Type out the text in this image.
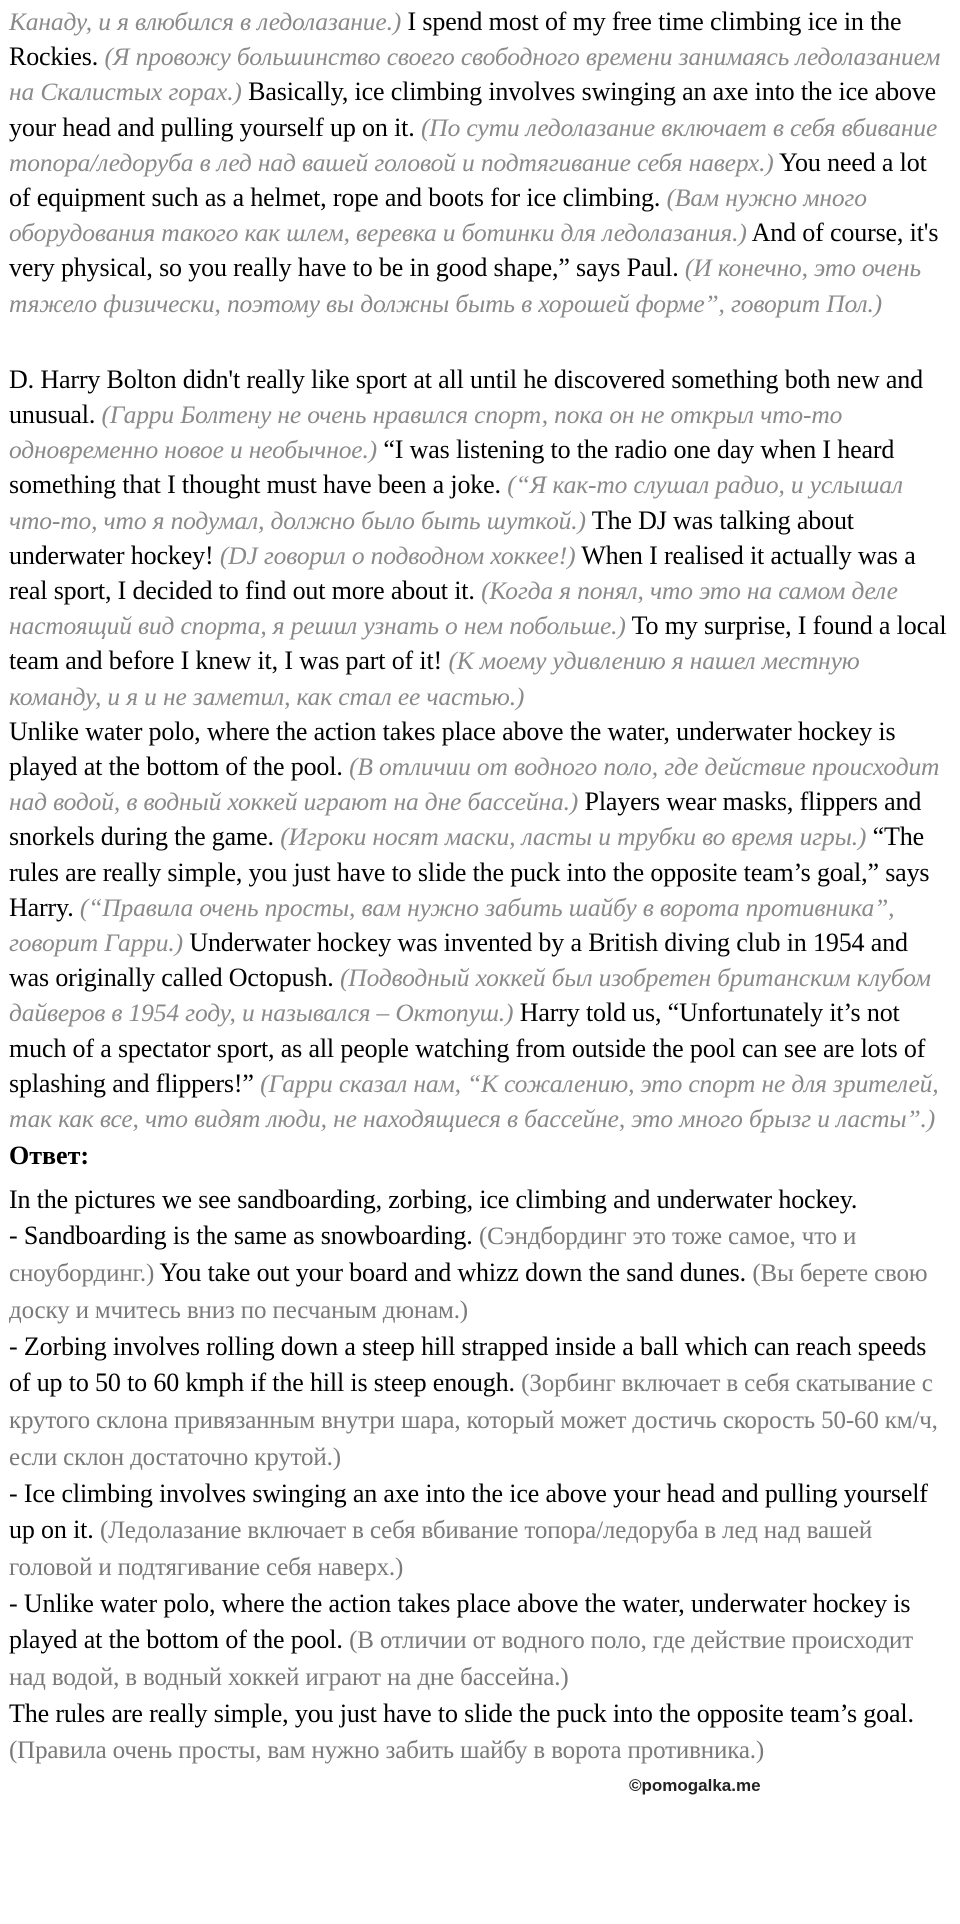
Канаду, и я влюбился в ледолазание.) I spend most of my free time climbing ice in the Rockies. (Я провожу большинство своего свободного времени занимаясь ледолазанием на Скалистых горах.) Basically, ice climbing involves swinging an axe into the ice above your head and pulling yourself up on it. (По сути ледолазание включает в себя вбивание топора/ледоруба в лед над вашей головой и подтягивание себя наверх.) You need a lot of equipment such as a helmet, rope and boots for ice climbing. (Вам нужно много оборудования такого как шлем, веревка и ботинки для ледолазания.) And of course, it's very physical, so you really have to be in good shape,” says Paul. (И конечно, это очень тяжело физически, поэтому вы должны быть в хорошей форме”, говорит Пол.)

D. Harry Bolton didn't really like sport at all until he discovered something both new and unusual. (Гарри Болтену не очень нравился спорт, пока он не открыл что-то одновременно новое и необычное.) “I was listening to the radio one day when I heard something that I thought must have been a joke. (“Я как-то слушал радио, и услышал что-то, что я подумал, должно было быть шуткой.) The DJ was talking about underwater hockey! (DJ говорил о подводном хоккее!) When I realised it actually was a real sport, I decided to find out more about it. (Когда я понял, что это на самом деле настоящий вид спорта, я решил узнать о нем побольше.) To my surprise, I found a local team and before I knew it, I was part of it! (К моему удивлению я нашел местную команду, и я и не заметил, как стал ее частью.)

Unlike water polo, where the action takes place above the water, underwater hockey is played at the bottom of the pool. (В отличии от водного поло, где действие происходит над водой, в водный хоккей играют на дне бассейна.) Players wear masks, flippers and snorkels during the game. (Игроки носят маски, ласты и трубки во время игры.) “The rules are really simple, you just have to slide the puck into the opposite team’s goal,” says Harry. (“Правила очень просты, вам нужно забить шайбу в ворота противника”, говорит Гарри.) Underwater hockey was invented by a British diving club in 1954 and was originally called Octopush. (Подводный хоккей был изобретен британским клубом дайверов в 1954 году, и назывался – Октопуш.) Harry told us, “Unfortunately it’s not much of a spectator sport, as all people watching from outside the pool can see are lots of splashing and flippers!” (Гарри сказал нам, “К сожалению, это спорт не для зрителей, так как все, что видят люди, не находящиеся в бассейне, это много брызг и ласты”.)

Ответ:

In the pictures we see sandboarding, zorbing, ice climbing and underwater hockey.

- Sandboarding is the same as snowboarding. (Сэндбординг это тоже самое, что и сноубординг.) You take out your board and whizz down the sand dunes. (Вы берете свою доску и мчитесь вниз по песчаным дюнам.)

- Zorbing involves rolling down a steep hill strapped inside a ball which can reach speeds of up to 50 to 60 kmph if the hill is steep enough. (Зорбинг включает в себя скатывание с крутого склона привязанным внутри шара, который может достичь скорость 50-60 км/ч, если склон достаточно крутой.)

- Ice climbing involves swinging an axe into the ice above your head and pulling yourself up on it. (Ледолазание включает в себя вбивание топора/ледоруба в лед над вашей головой и подтягивание себя наверх.)

- Unlike water polo, where the action takes place above the water, underwater hockey is played at the bottom of the pool. (В отличии от водного поло, где действие происходит над водой, в водный хоккей играют на дне бассейна.)

The rules are really simple, you just have to slide the puck into the opposite team’s goal. (Правила очень просты, вам нужно забить шайбу в ворота противника.)

©pomogalka.me
